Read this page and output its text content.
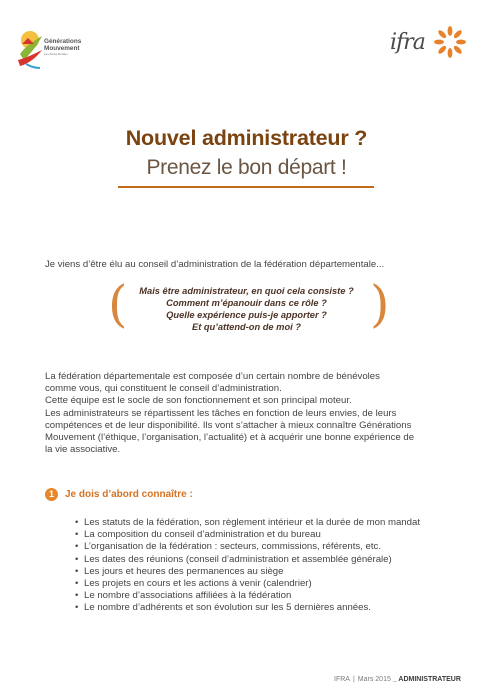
Générations
Mouvement
Les Aînés Ruraux	ifra
Nouvel administrateur ?
Prenez le bon départ !
Je viens d’être élu au conseil d’administration de la fédération départementale...
(	)
Mais être administrateur, en quoi cela consiste ?
Comment m’épanouir dans ce rôle ?
Quelle expérience puis-je apporter ?
Et qu’attend-on de moi ?
La fédération départementale est composée d’un certain nombre de bénévoles
comme vous, qui constituent le conseil d’administration.
Cette équipe est le socle de son fonctionnement et son principal moteur.
Les administrateurs se répartissent les tâches en fonction de leurs envies, de leurs
compétences et de leur disponibilité. Ils vont s’attacher à mieux connaître Générations
Mouvement (l’éthique, l’organisation, l’actualité) et à acquérir une bonne expérience de
la vie associative.
1	Je dois d’abord connaître :
• Les statuts de la fédération, son règlement intérieur et la durée de mon mandat
• La composition du conseil d’administration et du bureau
• L’organisation de la fédération : secteurs, commissions, référents, etc.
• Les dates des réunions (conseil d’administration et assemblée générale)
• Les jours et heures des permanences au siège
• Les projets en cours et les actions à venir (calendrier)
• Le nombre d’associations affiliées à la fédération
• Le nombre d’adhérents et son évolution sur les 5 dernières années.
IFRA | Mars 2015 _ ADMINISTRATEUR
